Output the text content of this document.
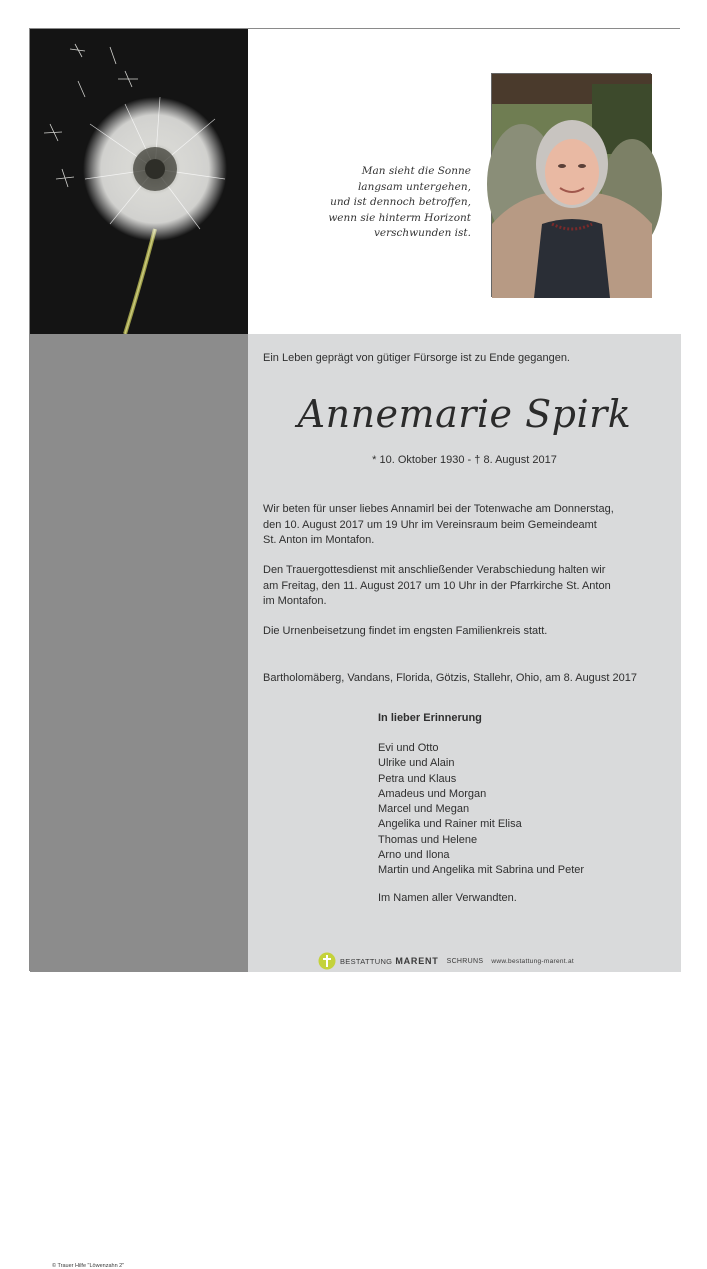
Man sieht die Sonne
langsam untergehen,
und ist dennoch betroffen,
wenn sie hinterm Horizont
verschwunden ist.
© Trauer Hilfe "Löwenzahn 2"
Ein Leben geprägt von gütiger Fürsorge ist zu Ende gegangen.
Annemarie Spirk
* 10. Oktober 1930 - † 8. August 2017
Wir beten für unser liebes Annamirl bei der Totenwache am Donnerstag,
den 10. August 2017 um 19 Uhr im Vereinsraum beim Gemeindeamt
St. Anton im Montafon.
Den Trauergottesdienst mit anschließender Verabschiedung halten wir
am Freitag, den 11. August 2017 um 10 Uhr in der Pfarrkirche St. Anton
im Montafon.
Die Urnenbeisetzung findet im engsten Familienkreis statt.
Bartholomäberg, Vandans, Florida, Götzis, Stallehr, Ohio, am 8. August 2017
In lieber Erinnerung
Evi und Otto
Ulrike und Alain
Petra und Klaus
Amadeus und Morgan
Marcel und Megan
Angelika und Rainer mit Elisa
Thomas und Helene
Arno und Ilona
Martin und Angelika mit Sabrina und Peter
Im Namen aller Verwandten.
BESTATTUNG MARENT SCHRUNS www.bestattung-marent.at
